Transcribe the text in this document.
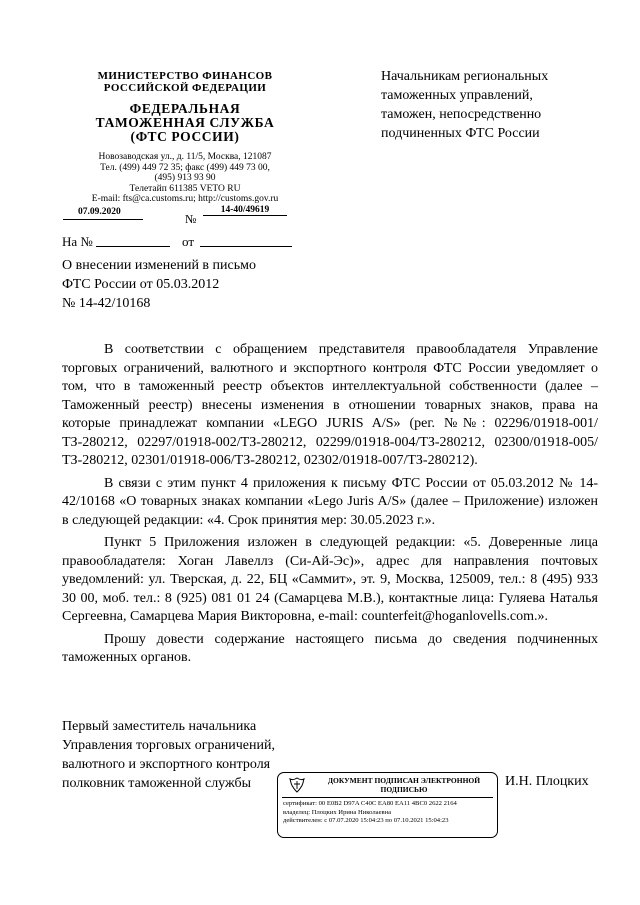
МИНИСТЕРСТВО ФИНАНСОВ
РОССИЙСКОЙ ФЕДЕРАЦИИ
ФЕДЕРАЛЬНАЯ
ТАМОЖЕННАЯ СЛУЖБА
(ФТС РОССИИ)
Новозаводская ул., д. 11/5, Москва, 121087
Тел. (499) 449 72 35; факс (499) 449 73 00,
(495) 913 93 90
Телетайп 611385 VETO RU
E-mail: fts@ca.customs.ru; http://customs.gov.ru
07.09.2020	№
14-40/49619
На №	от
Начальникам региональных
таможенных управлений,
таможен, непосредственно
подчиненных ФТС России
О внесении изменений в письмо
ФТС России от 05.03.2012
№ 14-42/10168

В соответствии с обращением представителя правообладателя Управление торговых ограничений, валютного и экспортного контроля ФТС России уведомляет о том, что в таможенный реестр объектов интеллектуальной собственности (далее – Таможенный реестр) внесены изменения в отношении товарных знаков, права на которые принадлежат компании «LEGO JURIS A/S» (рег. №№: 02296/01918-001/ТЗ-280212, 02297/01918-002/ТЗ-280212, 02299/01918-004/ТЗ-280212, 02300/01918-005/ТЗ-280212, 02301/01918-006/ТЗ-280212, 02302/01918-007/ТЗ-280212).

В связи с этим пункт 4 приложения к письму ФТС России от 05.03.2012 № 14-42/10168 «О товарных знаках компании «Lego Juris A/S» (далее – Приложение) изложен в следующей редакции: «4. Срок принятия мер: 30.05.2023 г.».

Пункт 5 Приложения изложен в следующей редакции: «5. Доверенные лица правообладателя: Хоган Лавеллз (Си-Ай-Эс)», адрес для направления почтовых уведомлений: ул. Тверская, д. 22, БЦ «Саммит», эт. 9, Москва, 125009, тел.: 8 (495) 933 30 00, моб. тел.: 8 (925) 081 01 24 (Самарцева М.В.), контактные лица: Гуляева Наталья Сергеевна, Самарцева Мария Викторовна, e-mail: counterfeit@hoganlovells.com.».

Прошу довести содержание настоящего письма до сведения подчиненных таможенных органов.

Первый заместитель начальника
Управления торговых ограничений,
валютного и экспортного контроля
полковник таможенной службы	ДОКУМЕНТ ПОДПИСАН ЭЛЕКТРОННОЙ ПОДПИСЬЮ
сертификат: 00 E0B2 D97A C40C EA80 EA11 4BC0 2622 2164
владелец: Плоцких Ирина Николаевна
действителен: с 07.07.2020 15:04:23 по 07.10.2021 15:04:23
И.Н. Плоцких
